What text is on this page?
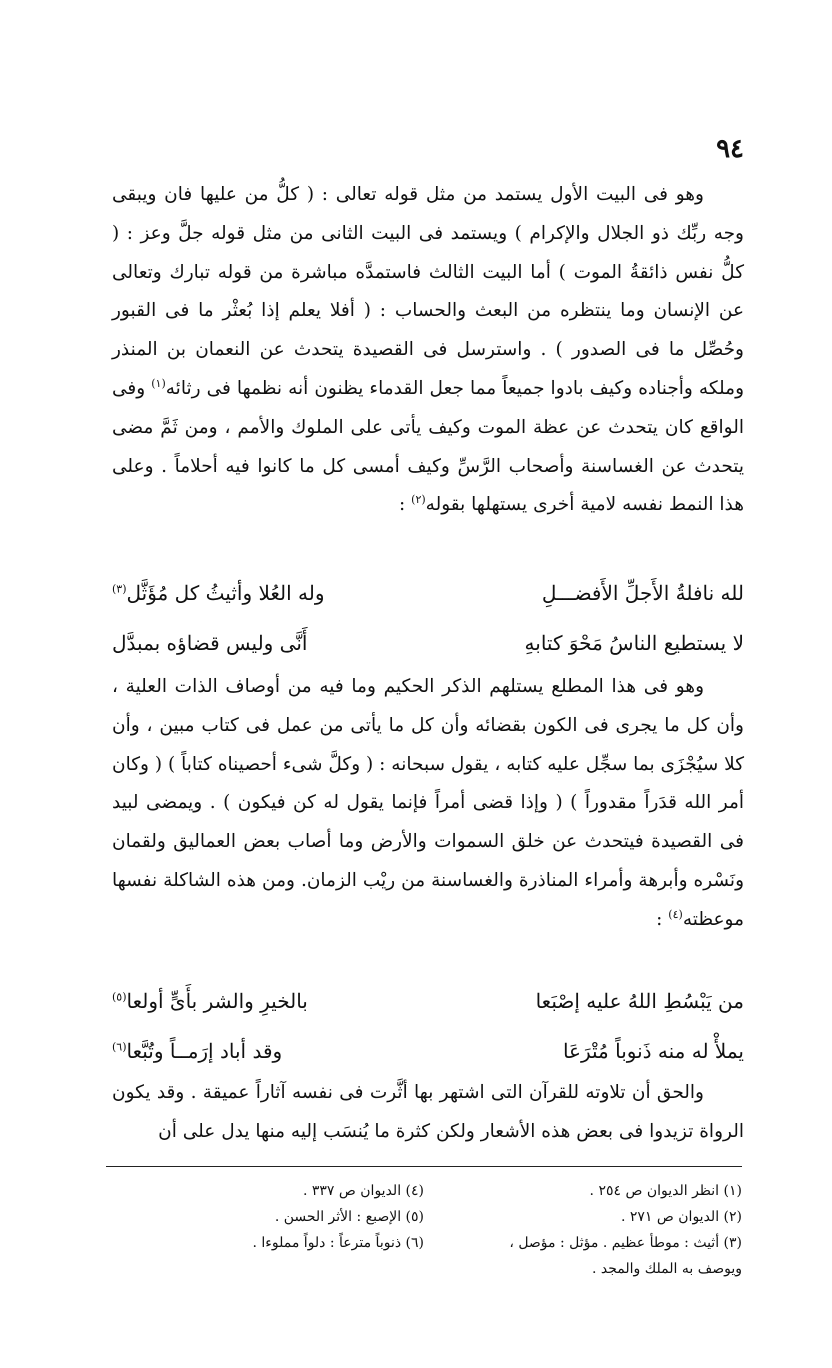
٩٤

وهو فى البيت الأول يستمد من مثل قوله تعالى : ( كلُّ من عليها فان ويبقى وجه ربِّك ذو الجلال والإكرام ) ويستمد فى البيت الثانى من مثل قوله جلَّ وعز : ( كلُّ نفس ذائقةُ الموت ) أما البيت الثالث فاستمدَّه مباشرة من قوله تبارك وتعالى عن الإنسان وما ينتظره من البعث والحساب : ( أفلا يعلم إذا بُعثْر ما فى القبور وحُصِّل ما فى الصدور ) . واسترسل فى القصيدة يتحدث عن النعمان بن المنذر وملكه وأجناده وكيف بادوا جميعاً مما جعل القدماء يظنون أنه نظمها فى رثائه$^{(١)}$ وفى الواقع كان يتحدث عن عظة الموت وكيف يأتى على الملوك والأمم ، ومن ثَمَّ مضى يتحدث عن الغساسنة وأصحاب الرَّسِّ وكيف أمسى كل ما كانوا فيه أحلاماً . وعلى هذا النمط نفسه لامية أخرى يستهلها بقوله$^{(٢)}$ :

لله نافلةُ الأَجلِّ الأَفضـــلِ
وله العُلا وأثيثُ كل مُؤَثَّل$^{(٣)}$
لا يستطيع الناسُ مَحْوَ كتابهِ
أَنَّى وليس قضاؤه بمبدَّل

وهو فى هذا المطلع يستلهم الذكر الحكيم وما فيه من أوصاف الذات العلية ، وأن كل ما يجرى فى الكون بقضائه وأن كل ما يأتى من عمل فى كتاب مبين ، وأن كلا سيُجْزَى بما سجِّل عليه كتابه ، يقول سبحانه : ( وكلَّ شىء أحصيناه كتاباً ) ( وكان أمر الله قدَراً مقدوراً ) ( وإذا قضى أمراً فإنما يقول له كن فيكون ) . ويمضى لبيد فى القصيدة فيتحدث عن خلق السموات والأرض وما أصاب بعض العماليق ولقمان ونَسْره وأبرهة وأمراء المناذرة والغساسنة من ريْب الزمان. ومن هذه الشاكلة نفسها موعظته$^{(٤)}$ :

من يَبْسُطِ اللهُ عليه إصْبَعا
بالخيرِ والشر بأَىٍّ أولعا$^{(٥)}$
يملأْ له منه ذَنوباً مُتْرَعَا
وقد أباد إرَمــاً وتُبَّعا$^{(٦)}$

والحق أن تلاوته للقرآن التى اشتهر بها أثَّرت فى نفسه آثاراً عميقة . وقد يكون الرواة تزيدوا فى بعض هذه الأشعار ولكن كثرة ما يُنسَب إليه منها يدل على أن

(١) انظر الديوان ص ٢٥٤ .
(٤) الديوان ص ٣٣٧ .
(٢) الديوان ص ٢٧١ .
(٥) الإصبع : الأثر الحسن .
(٣) أثيث : موطأ عظيم . مؤثل : مؤصل ،
(٦) ذنوباً مترعاً : دلواً مملوءا .
ويوصف به الملك والمجد .
